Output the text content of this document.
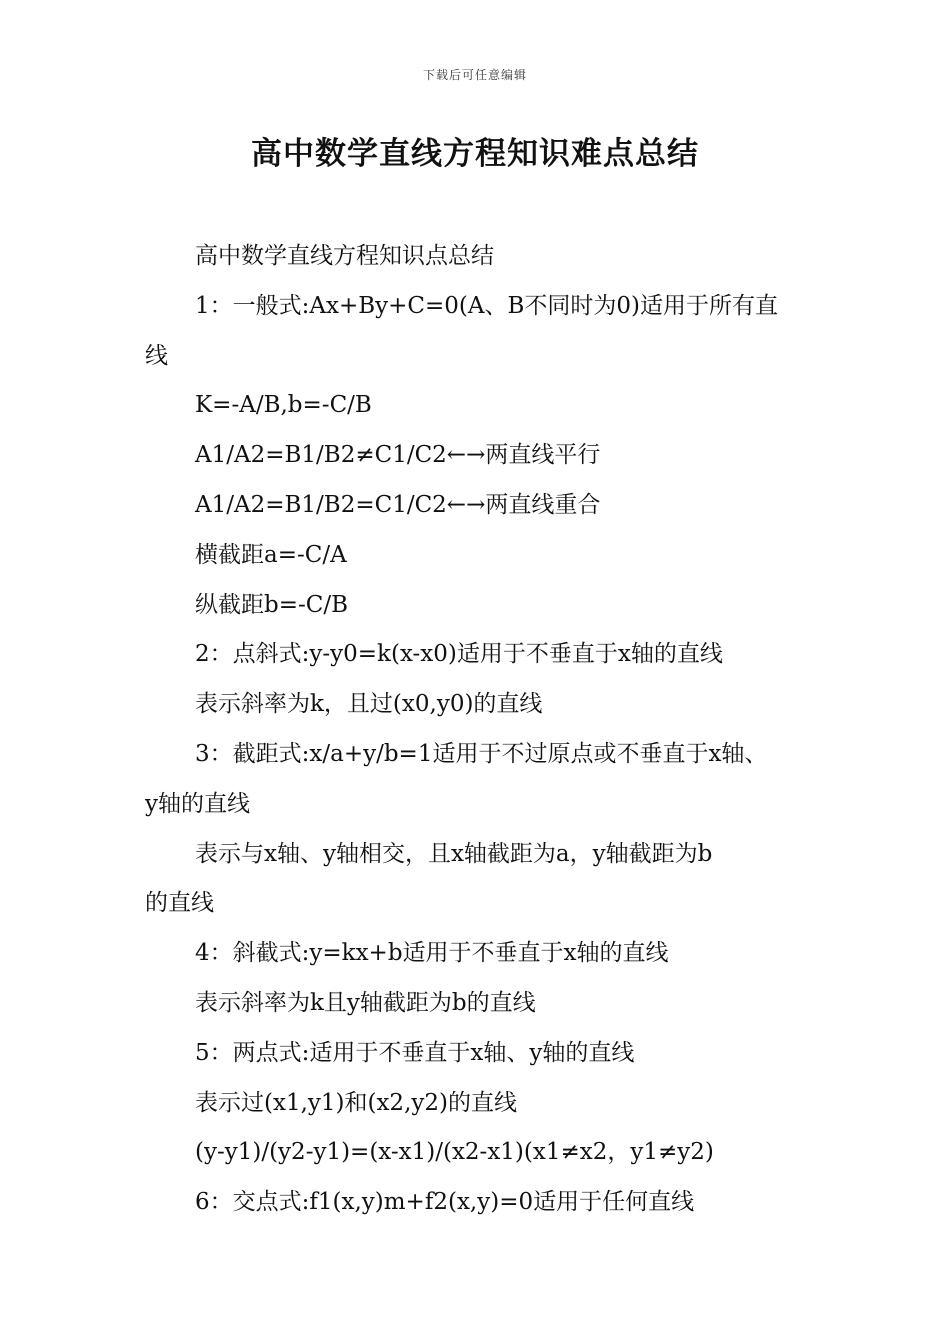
下载后可任意编辑
高中数学直线方程知识难点总结
高中数学直线方程知识点总结
1：一般式:Ax+By+C=0(A、B不同时为0)适用于所有直
线
K=-A/B,b=-C/B
A1/A2=B1/B2≠C1/C2←→两直线平行
A1/A2=B1/B2=C1/C2←→两直线重合
横截距a=-C/A
纵截距b=-C/B
2：点斜式:y-y0=k(x-x0)适用于不垂直于x轴的直线
表示斜率为k，且过(x0,y0)的直线
3：截距式:x/a+y/b=1适用于不过原点或不垂直于x轴、
y轴的直线
表示与x轴、y轴相交，且x轴截距为a，y轴截距为b
的直线
4：斜截式:y=kx+b适用于不垂直于x轴的直线
表示斜率为k且y轴截距为b的直线
5：两点式:适用于不垂直于x轴、y轴的直线
表示过(x1,y1)和(x2,y2)的直线
(y-y1)/(y2-y1)=(x-x1)/(x2-x1)(x1≠x2，y1≠y2)
6：交点式:f1(x,y)m+f2(x,y)=0适用于任何直线
